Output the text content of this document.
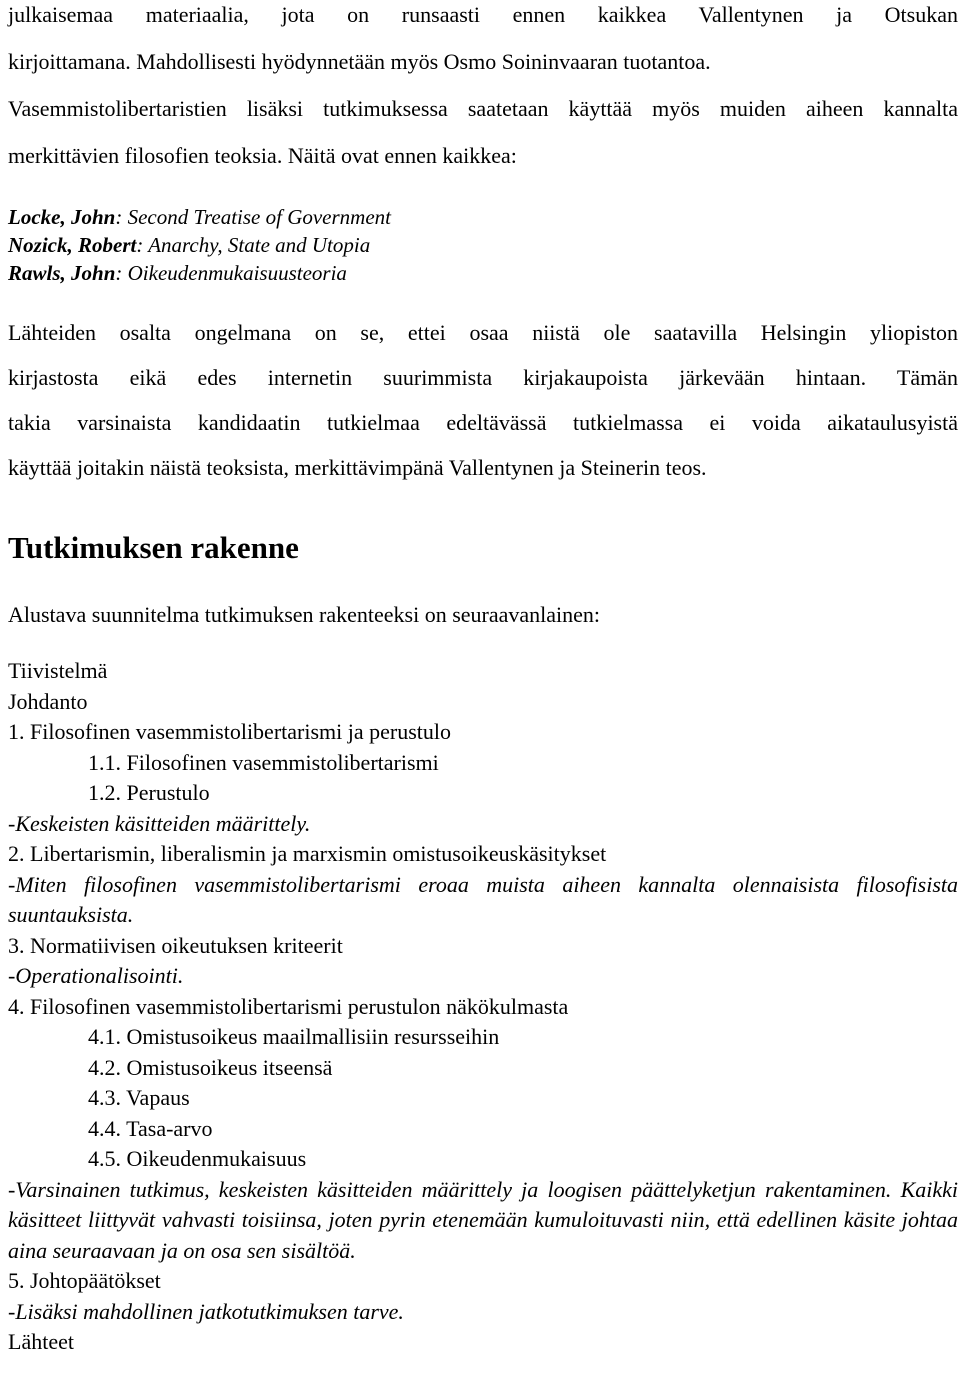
julkaisemaa materiaalia, jota on runsaasti ennen kaikkea Vallentynen ja Otsukan

kirjoittamana. Mahdollisesti hyödynnetään myös Osmo Soininvaaran tuotantoa.

Vasemmistolibertaristien lisäksi tutkimuksessa saatetaan käyttää myös muiden aiheen kannalta merkittävien filosofien teoksia. Näitä ovat ennen kaikkea:

Locke, John: Second Treatise of Government
Nozick, Robert: Anarchy, State and Utopia
Rawls, John: Oikeudenmukaisuusteoria

Lähteiden osalta ongelmana on se, ettei osaa niistä ole saatavilla Helsingin yliopiston

kirjastosta eikä edes internetin suurimmista kirjakaupoista järkevään hintaan. Tämän

takia varsinaista kandidaatin tutkielmaa edeltävässä tutkielmassa ei voida aikataulusyistä

käyttää joitakin näistä teoksista, merkittävimpänä Vallentynen ja Steinerin teos.

Tutkimuksen rakenne

Alustava suunnitelma tutkimuksen rakenteeksi on seuraavanlainen:

Tiivistelmä
Johdanto
1. Filosofinen vasemmistolibertarismi ja perustulo
1.1. Filosofinen vasemmistolibertarismi
1.2. Perustulo
-Keskeisten käsitteiden määrittely.
2. Libertarismin, liberalismin ja marxismin omistusoikeuskäsitykset
-Miten filosofinen vasemmistolibertarismi eroaa muista aiheen kannalta olennaisista filosofisista suuntauksista.
3. Normatiivisen oikeutuksen kriteerit
-Operationalisointi.
4. Filosofinen vasemmistolibertarismi perustulon näkökulmasta
4.1. Omistusoikeus maailmallisiin resursseihin
4.2. Omistusoikeus itseensä
4.3. Vapaus
4.4. Tasa-arvo
4.5. Oikeudenmukaisuus
-Varsinainen tutkimus, keskeisten käsitteiden määrittely ja loogisen päättelyketjun rakentaminen. Kaikki käsitteet liittyvät vahvasti toisiinsa, joten pyrin etenemään kumuloituvasti niin, että edellinen käsite johtaa aina seuraavaan ja on osa sen sisältöä.
5. Johtopäätökset
-Lisäksi mahdollinen jatkotutkimuksen tarve.
Lähteet
